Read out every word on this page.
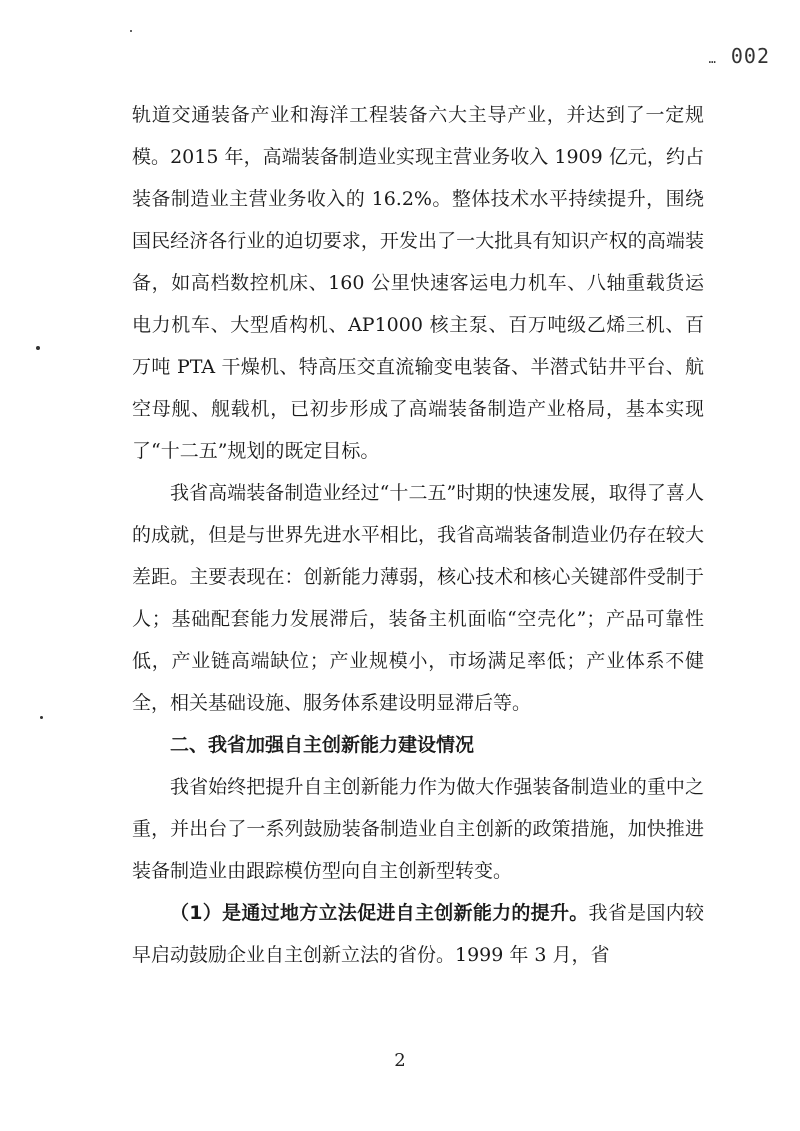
… 002

轨道交通装备产业和海洋工程装备六大主导产业，并达到了一定规模。2015 年，高端装备制造业实现主营业务收入 1909 亿元，约占装备制造业主营业务收入的 16.2%。整体技术水平持续提升，围绕国民经济各行业的迫切要求，开发出了一大批具有知识产权的高端装备，如高档数控机床、160 公里快速客运电力机车、八轴重载货运电力机车、大型盾构机、AP1000 核主泵、百万吨级乙烯三机、百万吨 PTA 干燥机、特高压交直流输变电装备、半潜式钻井平台、航空母舰、舰载机，已初步形成了高端装备制造产业格局，基本实现了“十二五”规划的既定目标。

我省高端装备制造业经过“十二五”时期的快速发展，取得了喜人的成就，但是与世界先进水平相比，我省高端装备制造业仍存在较大差距。主要表现在：创新能力薄弱，核心技术和核心关键部件受制于人；基础配套能力发展滞后，装备主机面临“空壳化”；产品可靠性低，产业链高端缺位；产业规模小，市场满足率低；产业体系不健全，相关基础设施、服务体系建设明显滞后等。

二、我省加强自主创新能力建设情况

我省始终把提升自主创新能力作为做大作强装备制造业的重中之重，并出台了一系列鼓励装备制造业自主创新的政策措施，加快推进装备制造业由跟踪模仿型向自主创新型转变。

（1）是通过地方立法促进自主创新能力的提升。我省是国内较早启动鼓励企业自主创新立法的省份。1999 年 3 月，省

2
